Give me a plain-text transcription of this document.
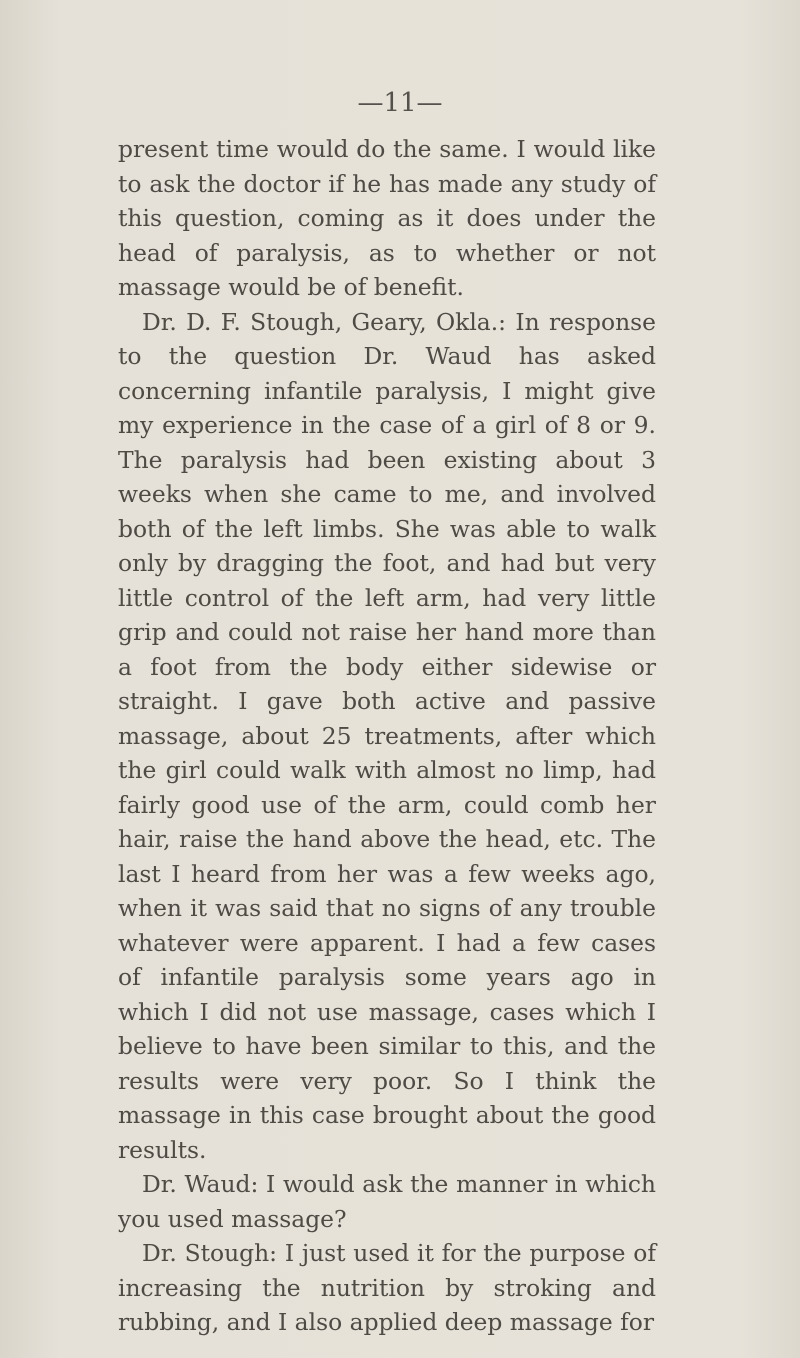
—11—

present time would do the same. I would like to ask the doctor if he has made any study of this question, coming as it does under the head of paralysis, as to whether or not massage would be of benefit.

Dr. D. F. Stough, Geary, Okla.: In response to the question Dr. Waud has asked concerning infantile paralysis, I might give my experience in the case of a girl of 8 or 9. The paralysis had been existing about 3 weeks when she came to me, and involved both of the left limbs. She was able to walk only by dragging the foot, and had but very little control of the left arm, had very little grip and could not raise her hand more than a foot from the body either sidewise or straight. I gave both active and passive massage, about 25 treatments, after which the girl could walk with almost no limp, had fairly good use of the arm, could comb her hair, raise the hand above the head, etc. The last I heard from her was a few weeks ago, when it was said that no signs of any trouble whatever were apparent. I had a few cases of infantile paralysis some years ago in which I did not use massage, cases which I believe to have been similar to this, and the results were very poor. So I think the massage in this case brought about the good results.

Dr. Waud: I would ask the manner in which you used massage?

Dr. Stough: I just used it for the purpose of increasing the nutrition by stroking and rubbing, and I also applied deep massage for
